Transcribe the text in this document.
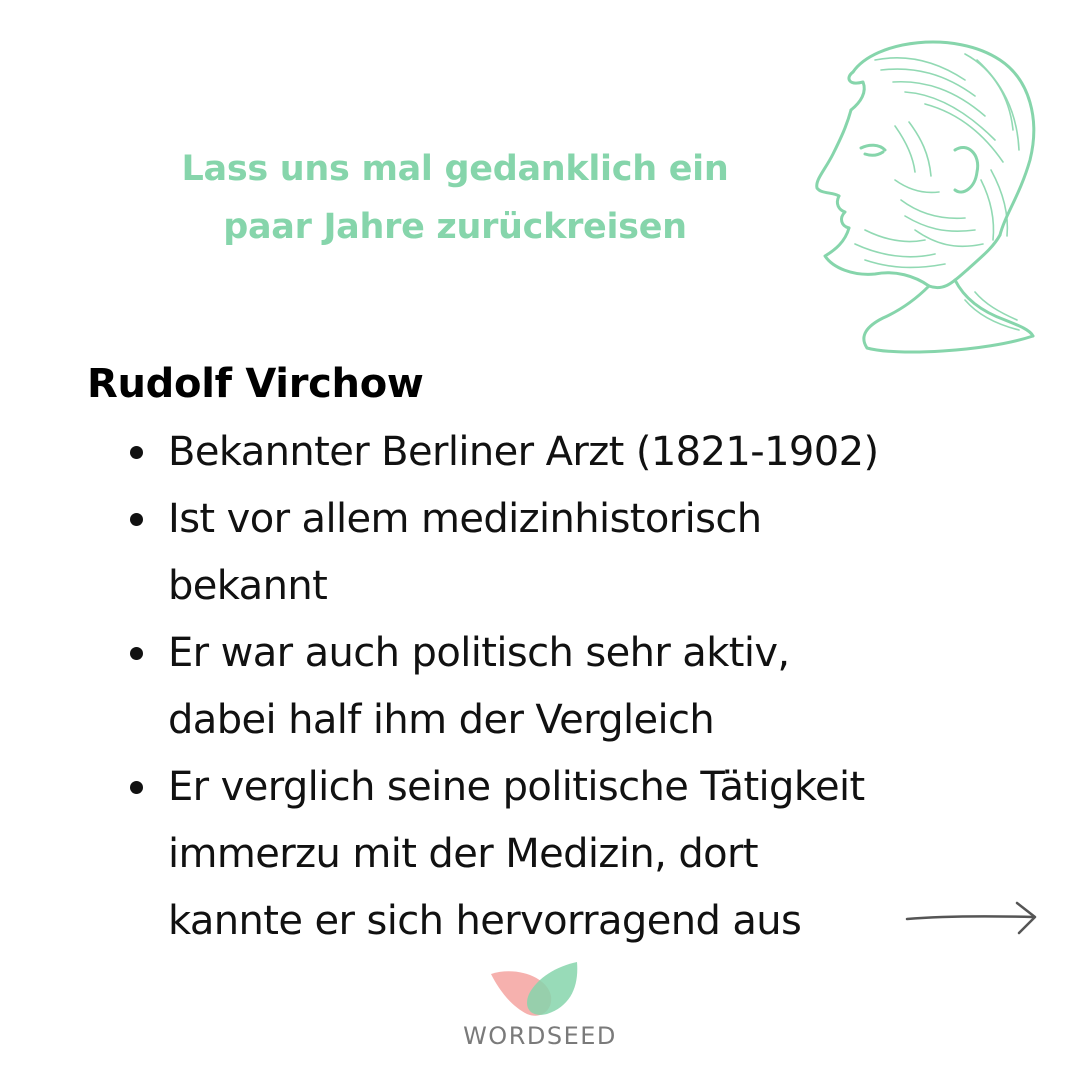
Lass uns mal gedanklich ein
paar Jahre zurückreisen
Rudolf Virchow
Bekannter Berliner Arzt (1821-1902)
Ist vor allem medizinhistorisch
bekannt
Er war auch politisch sehr aktiv,
dabei half ihm der Vergleich
Er verglich seine politische Tätigkeit
immerzu mit der Medizin, dort
kannte er sich hervorragend aus
WORDSEED
